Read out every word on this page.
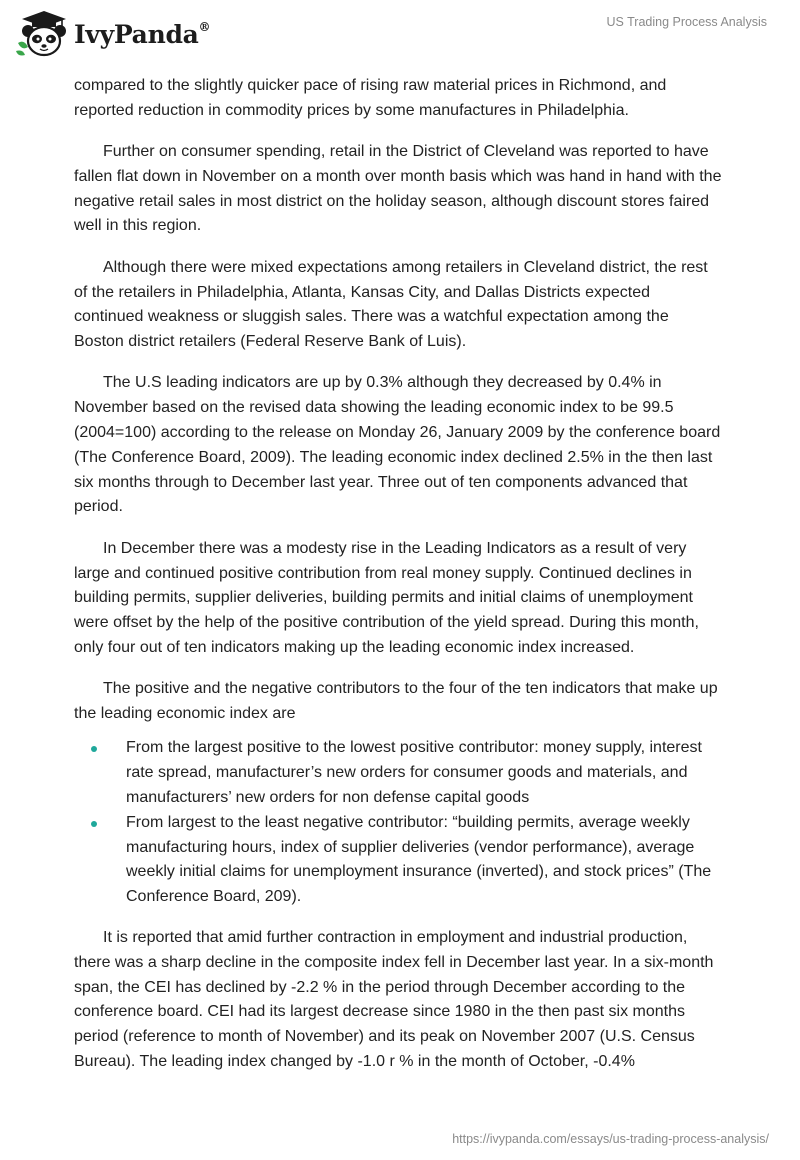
IvyPanda®	US Trading Process Analysis

compared to the slightly quicker pace of rising raw material prices in Richmond, and reported reduction in commodity prices by some manufactures in Philadelphia.

Further on consumer spending, retail in the District of Cleveland was reported to have fallen flat down in November on a month over month basis which was hand in hand with the negative retail sales in most district on the holiday season, although discount stores faired well in this region.

Although there were mixed expectations among retailers in Cleveland district, the rest of the retailers in Philadelphia, Atlanta, Kansas City, and Dallas Districts expected continued weakness or sluggish sales. There was a watchful expectation among the Boston district retailers (Federal Reserve Bank of Luis).

The U.S leading indicators are up by 0.3% although they decreased by 0.4% in November based on the revised data showing the leading economic index to be 99.5 (2004=100) according to the release on Monday 26, January 2009 by the conference board (The Conference Board, 2009). The leading economic index declined 2.5% in the then last six months through to December last year. Three out of ten components advanced that period.

In December there was a modesty rise in the Leading Indicators as a result of very large and continued positive contribution from real money supply. Continued declines in building permits, supplier deliveries, building permits and initial claims of unemployment were offset by the help of the positive contribution of the yield spread. During this month, only four out of ten indicators making up the leading economic index increased.

The positive and the negative contributors to the four of the ten indicators that make up the leading economic index are

From the largest positive to the lowest positive contributor: money supply, interest rate spread, manufacturer’s new orders for consumer goods and materials, and manufacturers’ new orders for non defense capital goods
From largest to the least negative contributor: “building permits, average weekly manufacturing hours, index of supplier deliveries (vendor performance), average weekly initial claims for unemployment insurance (inverted), and stock prices” (The Conference Board, 209).

It is reported that amid further contraction in employment and industrial production, there was a sharp decline in the composite index fell in December last year. In a six-month span, the CEI has declined by -2.2 % in the period through December according to the conference board. CEI had its largest decrease since 1980 in the then past six months period (reference to month of November) and its peak on November 2007 (U.S. Census Bureau). The leading index changed by -1.0 r % in the month of October, -0.4%

https://ivypanda.com/essays/us-trading-process-analysis/
